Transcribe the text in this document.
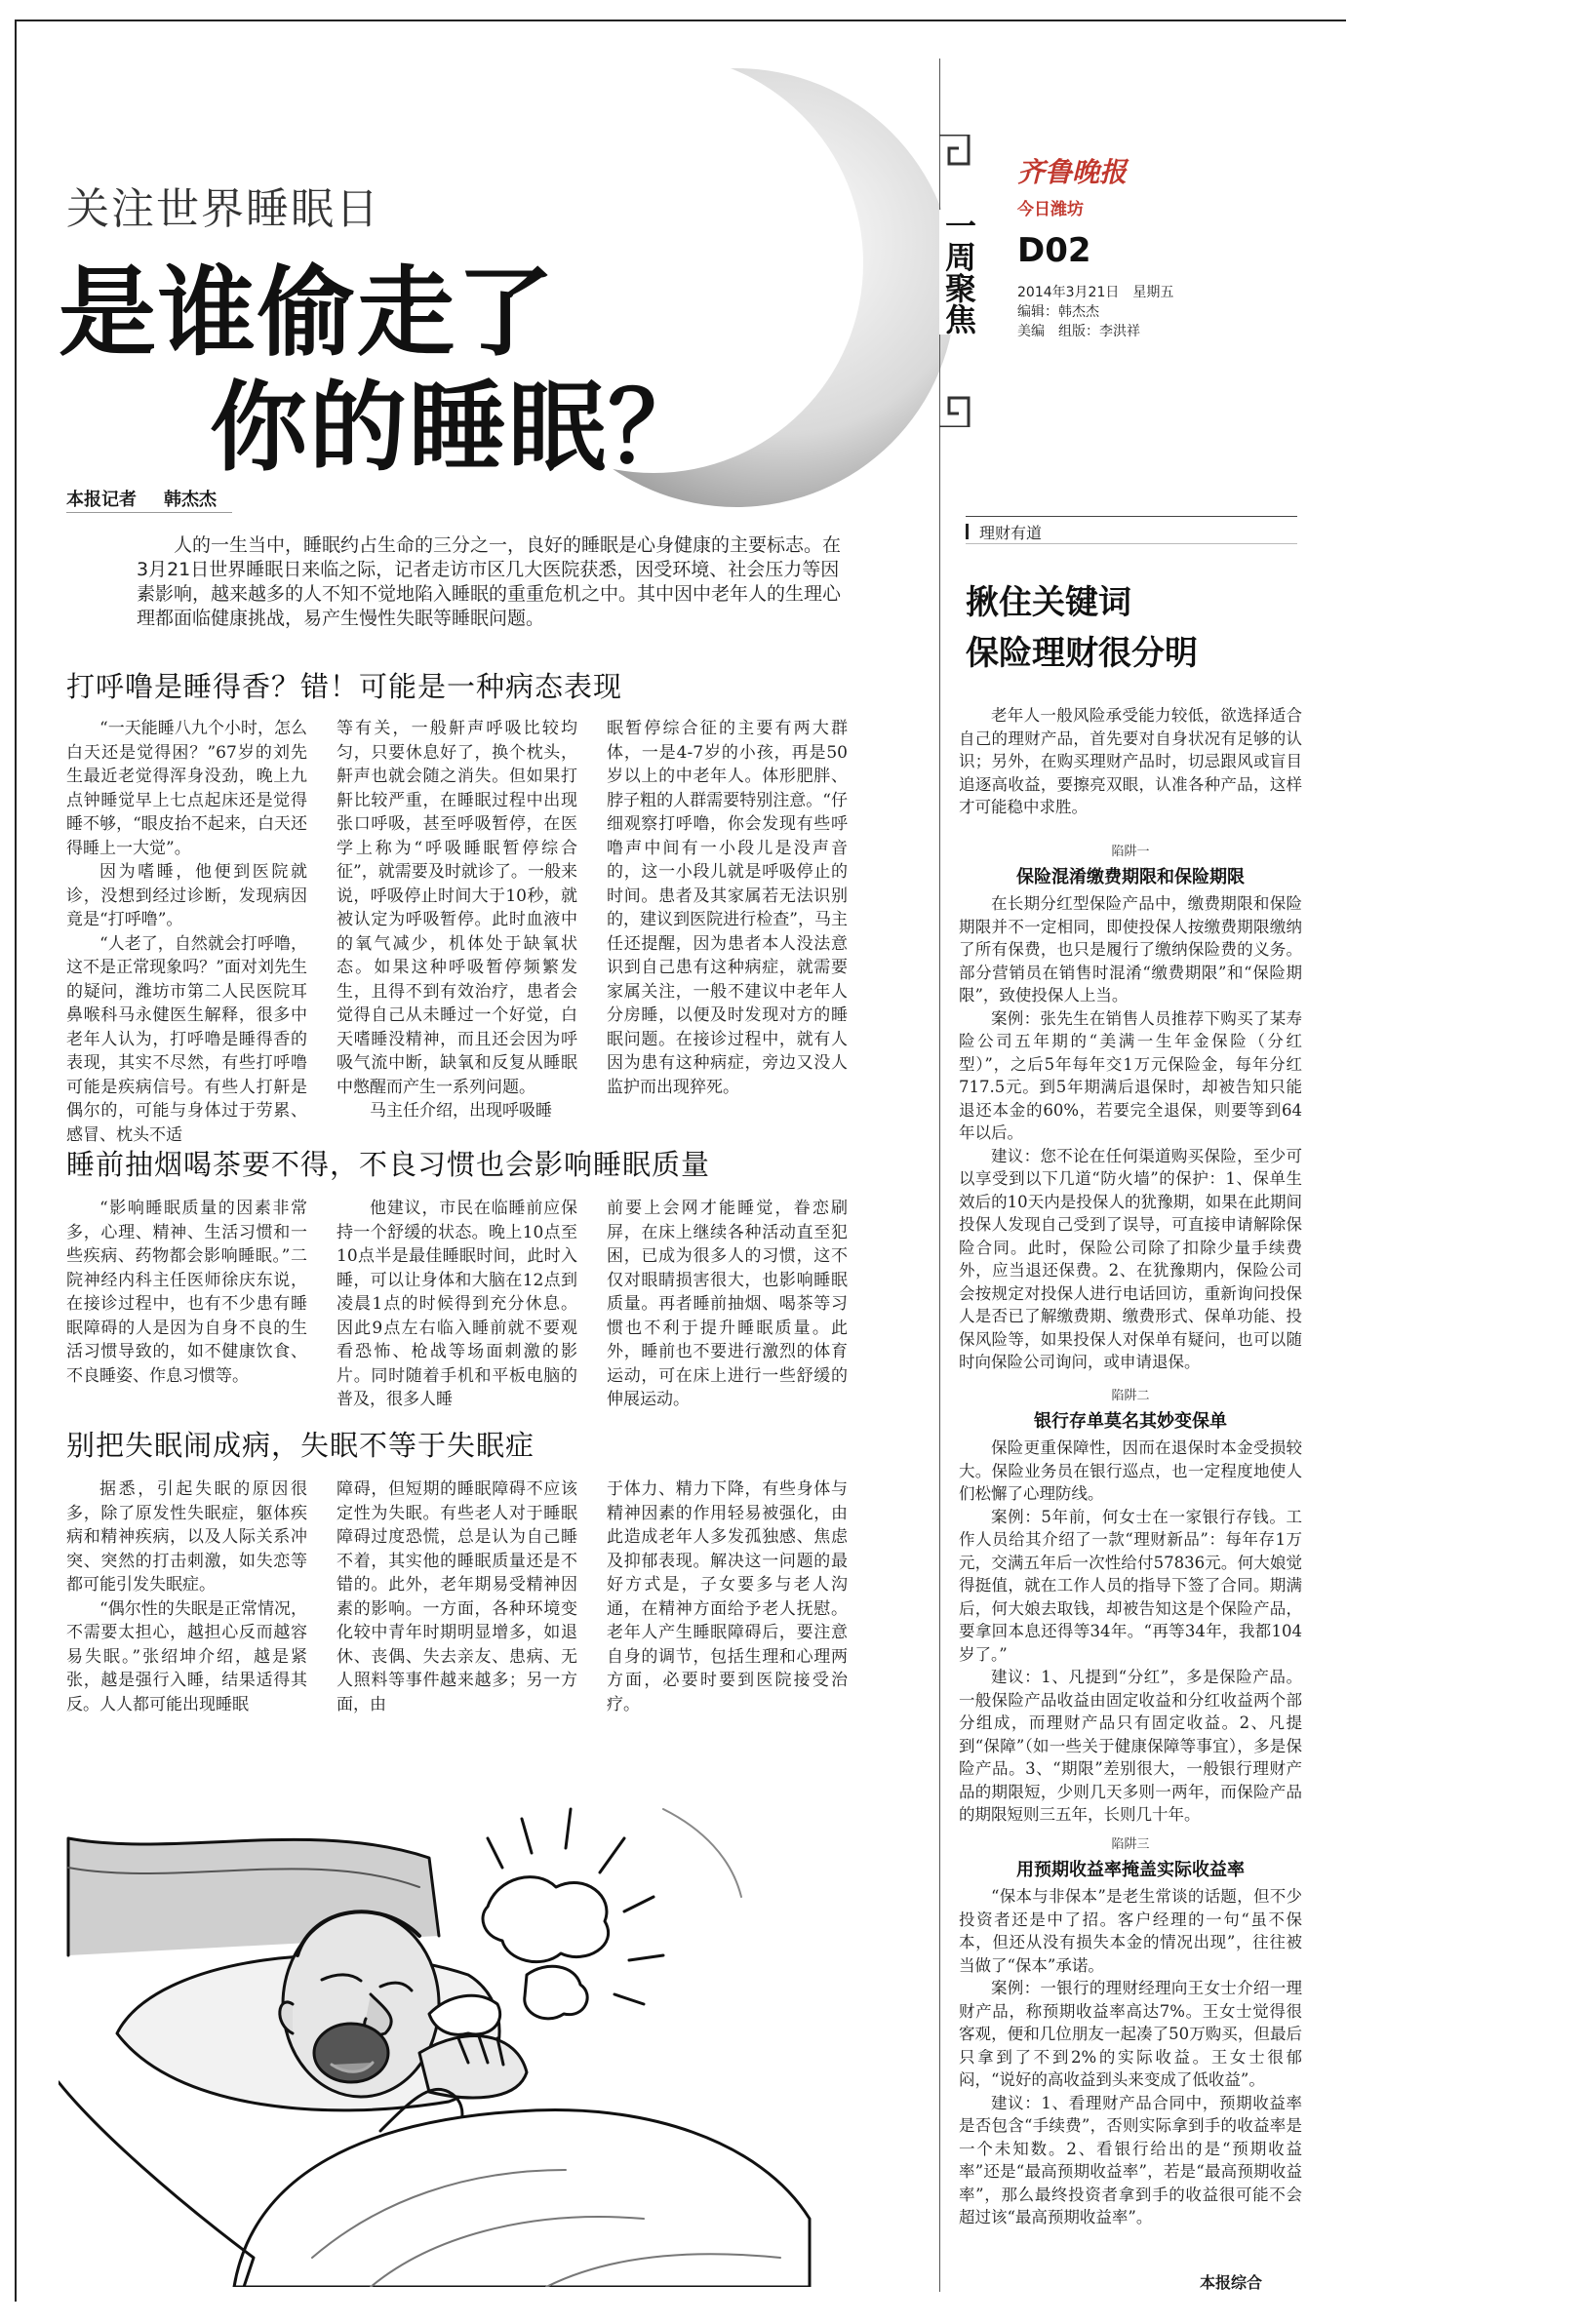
关注世界睡眠日
是谁偷走了
你的睡眠？
本报记者 韩杰杰
人的一生当中，睡眠约占生命的三分之一，良好的睡眠是心身健康的主要标志。在3月21日世界睡眠日来临之际，记者走访市区几大医院获悉，因受环境、社会压力等因素影响，越来越多的人不知不觉地陷入睡眠的重重危机之中。其中因中老年人的生理心理都面临健康挑战，易产生慢性失眠等睡眠问题。
打呼噜是睡得香？错！可能是一种病态表现

“一天能睡八九个小时，怎么白天还是觉得困？”67岁的刘先生最近老觉得浑身没劲，晚上九点钟睡觉早上七点起床还是觉得睡不够，“眼皮抬不起来，白天还得睡上一大觉”。

因为嗜睡，他便到医院就诊，没想到经过诊断，发现病因竟是“打呼噜”。

“人老了，自然就会打呼噜，这不是正常现象吗？”面对刘先生的疑问，潍坊市第二人民医院耳鼻喉科马永健医生解释，很多中老年人认为，打呼噜是睡得香的表现，其实不尽然，有些打呼噜可能是疾病信号。有些人打鼾是偶尔的，可能与身体过于劳累、感冒、枕头不适

等有关，一般鼾声呼吸比较均匀，只要休息好了，换个枕头，鼾声也就会随之消失。但如果打鼾比较严重，在睡眠过程中出现张口呼吸，甚至呼吸暂停，在医学上称为“呼吸睡眠暂停综合征”，就需要及时就诊了。一般来说，呼吸停止时间大于10秒，就被认定为呼吸暂停。此时血液中的氧气减少，机体处于缺氧状态。如果这种呼吸暂停频繁发生，且得不到有效治疗，患者会觉得自己从未睡过一个好觉，白天嗜睡没精神，而且还会因为呼吸气流中断，缺氧和反复从睡眠中憋醒而产生一系列问题。

马主任介绍，出现呼吸睡

眠暂停综合征的主要有两大群体，一是4-7岁的小孩，再是50岁以上的中老年人。体形肥胖、脖子粗的人群需要特别注意。“仔细观察打呼噜，你会发现有些呼噜声中间有一小段儿是没声音的，这一小段儿就是呼吸停止的时间。患者及其家属若无法识别的，建议到医院进行检查”，马主任还提醒，因为患者本人没法意识到自己患有这种病症，就需要家属关注，一般不建议中老年人分房睡，以便及时发现对方的睡眠问题。在接诊过程中，就有人因为患有这种病症，旁边又没人监护而出现猝死。

睡前抽烟喝茶要不得，不良习惯也会影响睡眠质量

“影响睡眠质量的因素非常多，心理、精神、生活习惯和一些疾病、药物都会影响睡眠。”二院神经内科主任医师徐庆东说，在接诊过程中，也有不少患有睡眠障碍的人是因为自身不良的生活习惯导致的，如不健康饮食、不良睡姿、作息习惯等。

他建议，市民在临睡前应保持一个舒缓的状态。晚上10点至10点半是最佳睡眠时间，此时入睡，可以让身体和大脑在12点到凌晨1点的时候得到充分休息。因此9点左右临入睡前就不要观看恐怖、枪战等场面刺激的影片。同时随着手机和平板电脑的普及，很多人睡

前要上会网才能睡觉，眷恋刷屏，在床上继续各种活动直至犯困，已成为很多人的习惯，这不仅对眼睛损害很大，也影响睡眠质量。再者睡前抽烟、喝茶等习惯也不利于提升睡眠质量。此外，睡前也不要进行激烈的体育运动，可在床上进行一些舒缓的伸展运动。

别把失眠闹成病，失眠不等于失眠症

据悉，引起失眠的原因很多，除了原发性失眠症，躯体疾病和精神疾病，以及人际关系冲突、突然的打击刺激，如失恋等都可能引发失眠症。

“偶尔性的失眠是正常情况，不需要太担心，越担心反而越容易失眠。”张绍坤介绍，越是紧张，越是强行入睡，结果适得其反。人人都可能出现睡眠

障碍，但短期的睡眠障碍不应该定性为失眠。有些老人对于睡眠障碍过度恐慌，总是认为自己睡不着，其实他的睡眠质量还是不错的。此外，老年期易受精神因素的影响。一方面，各种环境变化较中青年时期明显增多，如退休、丧偶、失去亲友、患病、无人照料等事件越来越多；另一方面，由

于体力、精力下降，有些身体与精神因素的作用轻易被强化，由此造成老年人多发孤独感、焦虑及抑郁表现。解决这一问题的最好方式是，子女要多与老人沟通，在精神方面给予老人抚慰。老年人产生睡眠障碍后，要注意自身的调节，包括生理和心理两方面，必要时要到医院接受治疗。

一周聚焦
齐鲁晚报
今日潍坊
D02
2014年3月21日　星期五
编辑：韩杰杰
美编　组版：李洪祥
理财有道
揪住关键词
保险理财很分明

老年人一般风险承受能力较低，欲选择适合自己的理财产品，首先要对自身状况有足够的认识；另外，在购买理财产品时，切忌跟风或盲目追逐高收益，要擦亮双眼，认准各种产品，这样才可能稳中求胜。

陷阱一
保险混淆缴费期限和保险期限

在长期分红型保险产品中，缴费期限和保险期限并不一定相同，即使投保人按缴费期限缴纳了所有保费，也只是履行了缴纳保险费的义务。部分营销员在销售时混淆“缴费期限”和“保险期限”，致使投保人上当。

案例：张先生在销售人员推荐下购买了某寿险公司五年期的“美满一生年金保险（分红型）”，之后5年每年交1万元保险金，每年分红717.5元。到5年期满后退保时，却被告知只能退还本金的60%，若要完全退保，则要等到64年以后。

建议：您不论在任何渠道购买保险，至少可以享受到以下几道“防火墙”的保护：1、保单生效后的10天内是投保人的犹豫期，如果在此期间投保人发现自己受到了误导，可直接申请解除保险合同。此时，保险公司除了扣除少量手续费外，应当退还保费。2、在犹豫期内，保险公司会按规定对投保人进行电话回访，重新询问投保人是否已了解缴费期、缴费形式、保单功能、投保风险等，如果投保人对保单有疑问，也可以随时向保险公司询问，或申请退保。

陷阱二
银行存单莫名其妙变保单

保险更重保障性，因而在退保时本金受损较大。保险业务员在银行巡点，也一定程度地使人们松懈了心理防线。

案例：5年前，何女士在一家银行存钱。工作人员给其介绍了一款“理财新品”：每年存1万元，交满五年后一次性给付57836元。何大娘觉得挺值，就在工作人员的指导下签了合同。期满后，何大娘去取钱，却被告知这是个保险产品，要拿回本息还得等34年。“再等34年，我都104岁了。”

建议：1、凡提到“分红”，多是保险产品。一般保险产品收益由固定收益和分红收益两个部分组成，而理财产品只有固定收益。2、凡提到“保障”（如一些关于健康保障等事宜），多是保险产品。3、“期限”差别很大，一般银行理财产品的期限短，少则几天多则一两年，而保险产品的期限短则三五年，长则几十年。

陷阱三
用预期收益率掩盖实际收益率

“保本与非保本”是老生常谈的话题，但不少投资者还是中了招。客户经理的一句“虽不保本，但还从没有损失本金的情况出现”，往往被当做了“保本”承诺。

案例：一银行的理财经理向王女士介绍一理财产品，称预期收益率高达7%。王女士觉得很客观，便和几位朋友一起凑了50万购买，但最后只拿到了不到2%的实际收益。王女士很郁闷，“说好的高收益到头来变成了低收益”。

建议：1、看理财产品合同中，预期收益率是否包含“手续费”，否则实际拿到手的收益率是一个未知数。2、看银行给出的是“预期收益率”还是“最高预期收益率”，若是“最高预期收益率”，那么最终投资者拿到手的收益很可能不会超过该“最高预期收益率”。

本报综合
